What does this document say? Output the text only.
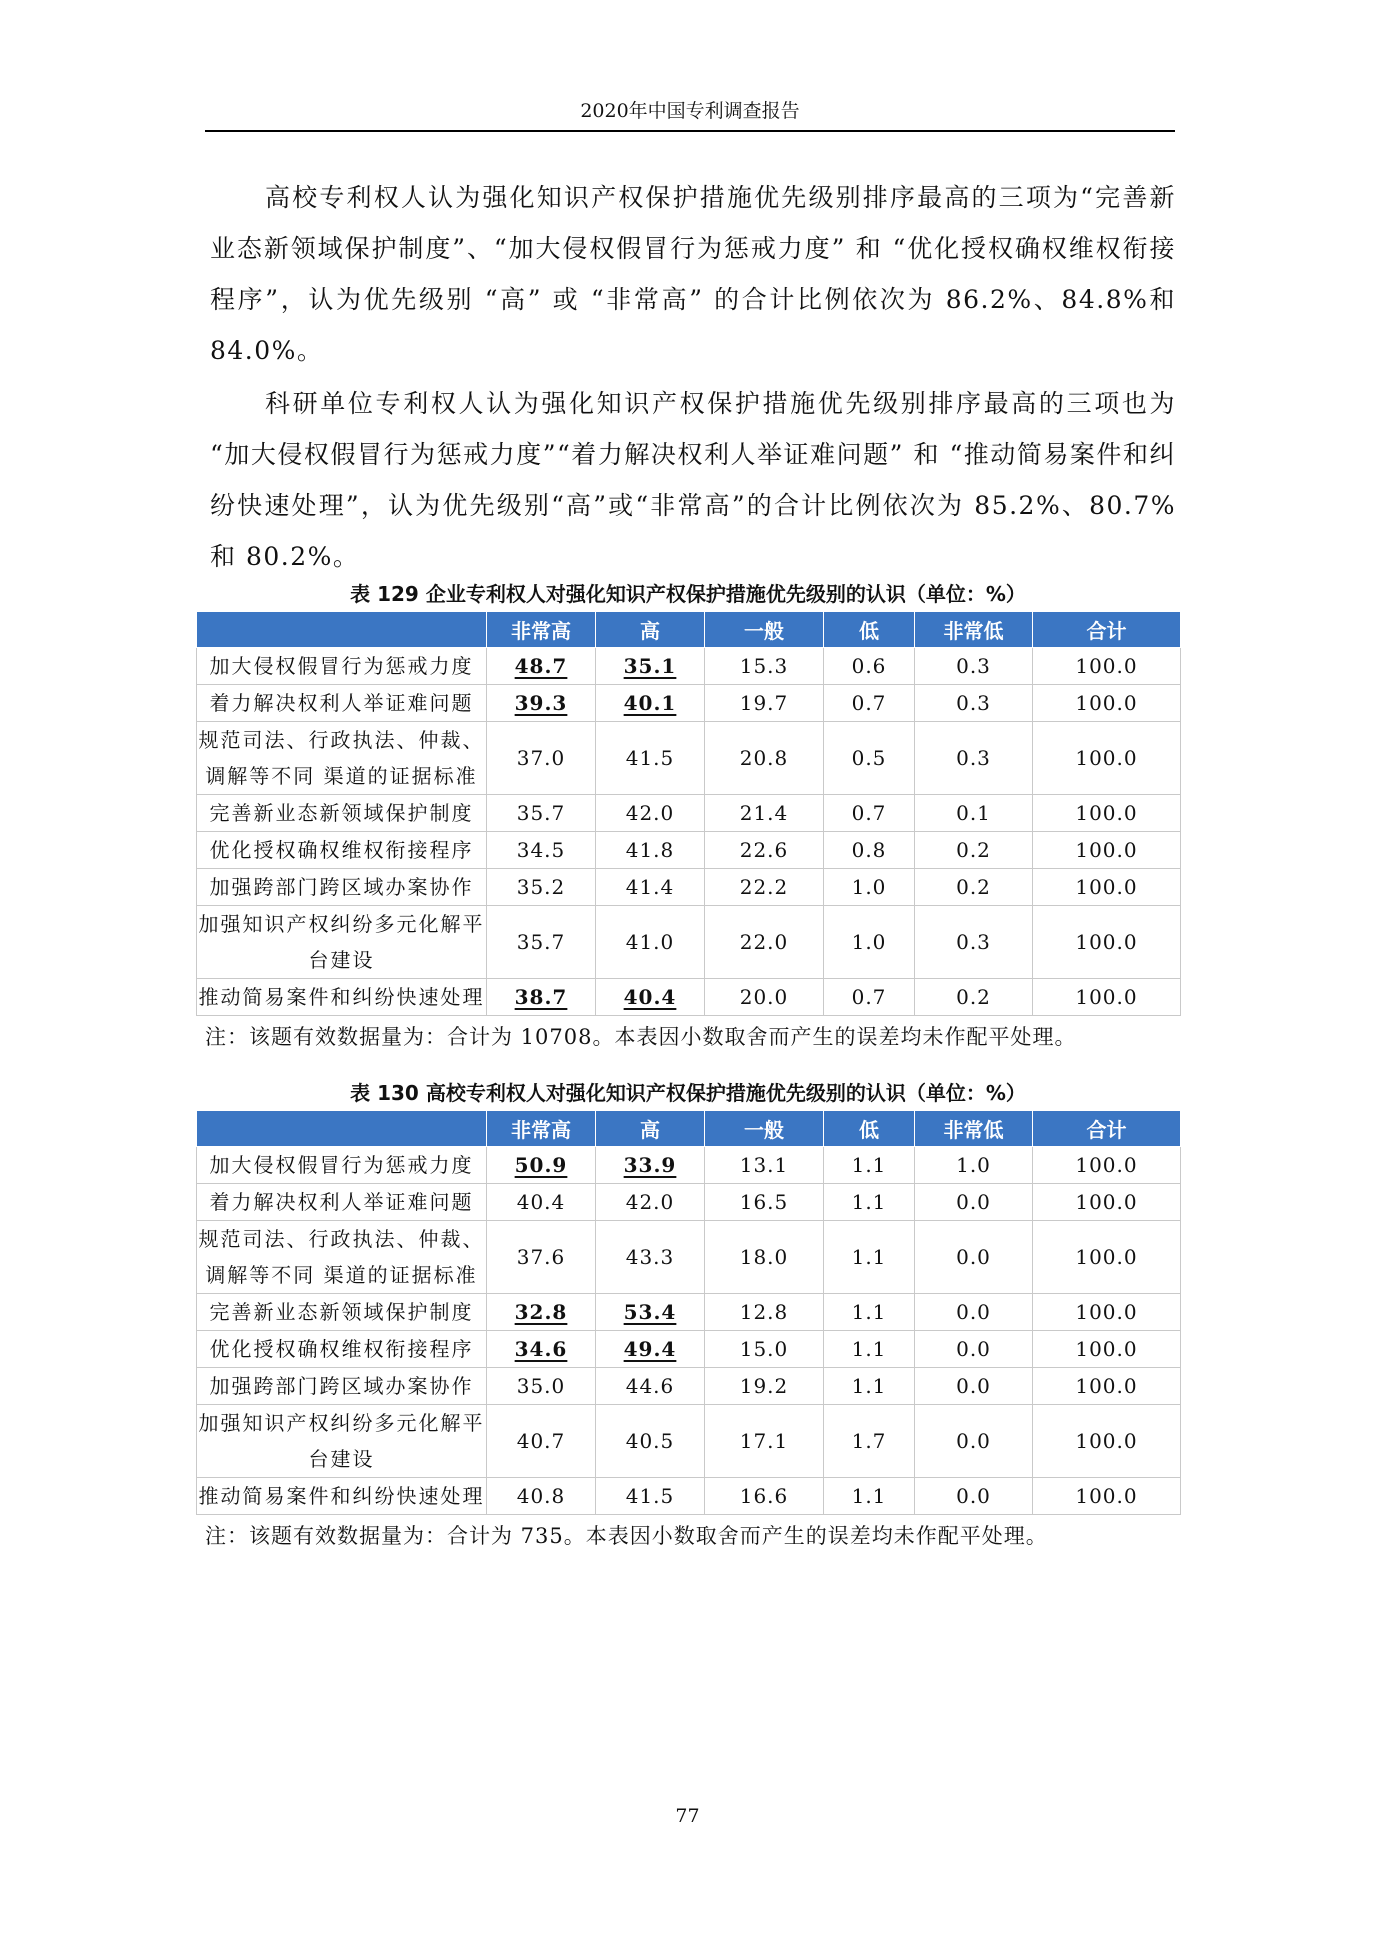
2020年中国专利调查报告

高校专利权人认为强化知识产权保护措施优先级别排序最高的三项为“完善新业态新领域保护制度”、“加大侵权假冒行为惩戒力度” 和 “优化授权确权维权衔接程序”，认为优先级别 “高” 或 “非常高” 的合计比例依次为 86.2%、84.8%和 84.0%。

科研单位专利权人认为强化知识产权保护措施优先级别排序最高的三项也为 “加大侵权假冒行为惩戒力度”“着力解决权利人举证难问题” 和 “推动简易案件和纠纷快速处理”，认为优先级别“高”或“非常高”的合计比例依次为 85.2%、80.7%和 80.2%。

表 129 企业专利权人对强化知识产权保护措施优先级别的认识（单位：%）
	非常高	高	一般	低	非常低	合计
加大侵权假冒行为惩戒力度	48.7	35.1	15.3	0.6	0.3	100.0
着力解决权利人举证难问题	39.3	40.1	19.7	0.7	0.3	100.0
规范司法、行政执法、仲裁、调解等不同 渠道的证据标准	37.0	41.5	20.8	0.5	0.3	100.0
完善新业态新领域保护制度	35.7	42.0	21.4	0.7	0.1	100.0
优化授权确权维权衔接程序	34.5	41.8	22.6	0.8	0.2	100.0
加强跨部门跨区域办案协作	35.2	41.4	22.2	1.0	0.2	100.0
加强知识产权纠纷多元化解平台建设	35.7	41.0	22.0	1.0	0.3	100.0
推动简易案件和纠纷快速处理	38.7	40.4	20.0	0.7	0.2	100.0
注：该题有效数据量为：合计为 10708。本表因小数取舍而产生的误差均未作配平处理。
表 130 高校专利权人对强化知识产权保护措施优先级别的认识（单位：%）
	非常高	高	一般	低	非常低	合计
加大侵权假冒行为惩戒力度	50.9	33.9	13.1	1.1	1.0	100.0
着力解决权利人举证难问题	40.4	42.0	16.5	1.1	0.0	100.0
规范司法、行政执法、仲裁、调解等不同 渠道的证据标准	37.6	43.3	18.0	1.1	0.0	100.0
完善新业态新领域保护制度	32.8	53.4	12.8	1.1	0.0	100.0
优化授权确权维权衔接程序	34.6	49.4	15.0	1.1	0.0	100.0
加强跨部门跨区域办案协作	35.0	44.6	19.2	1.1	0.0	100.0
加强知识产权纠纷多元化解平台建设	40.7	40.5	17.1	1.7	0.0	100.0
推动简易案件和纠纷快速处理	40.8	41.5	16.6	1.1	0.0	100.0
注：该题有效数据量为：合计为 735。本表因小数取舍而产生的误差均未作配平处理。
77
